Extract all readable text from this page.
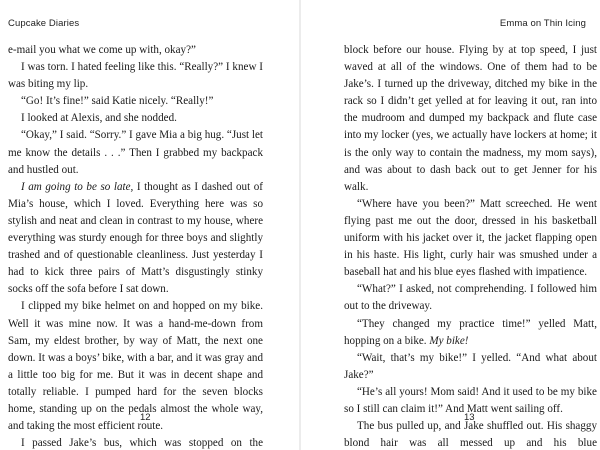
Cupcake Diaries

e-mail you what we come up with, okay?”

I was torn. I hated feeling like this. “Really?” I knew I was biting my lip.

“Go! It’s fine!” said Katie nicely. “Really!”

I looked at Alexis, and she nodded.

“Okay,” I said. “Sorry.” I gave Mia a big hug. “Just let me know the details . . .” Then I grabbed my backpack and hustled out.

I am going to be so late, I thought as I dashed out of Mia’s house, which I loved. Everything here was so stylish and neat and clean in contrast to my house, where everything was sturdy enough for three boys and slightly trashed and of questionable cleanliness. Just yesterday I had to kick three pairs of Matt’s disgustingly stinky socks off the sofa before I sat down.

I clipped my bike helmet on and hopped on my bike. Well it was mine now. It was a hand-me-down from Sam, my eldest brother, by way of Matt, the next one down. It was a boys’ bike, with a bar, and it was gray and a little too big for me. But it was in decent shape and totally reliable. I pumped hard for the seven blocks home, standing up on the pedals almost the whole way, and taking the most efficient route.

I passed Jake’s bus, which was stopped on the

12
Emma on Thin Icing

block before our house. Flying by at top speed, I just waved at all of the windows. One of them had to be Jake’s. I turned up the driveway, ditched my bike in the rack so I didn’t get yelled at for leaving it out, ran into the mudroom and dumped my backpack and flute case into my locker (yes, we actually have lockers at home; it is the only way to contain the madness, my mom says), and was about to dash back out to get Jenner for his walk.

“Where have you been?” Matt screeched. He went flying past me out the door, dressed in his basketball uniform with his jacket over it, the jacket flapping open in his haste. His light, curly hair was smushed under a baseball hat and his blue eyes flashed with impatience.

“What?” I asked, not comprehending. I followed him out to the driveway.

“They changed my practice time!” yelled Matt, hopping on a bike. My bike!

“Wait, that’s my bike!” I yelled. “And what about Jake?”

“He’s all yours! Mom said! And it used to be my bike so I still can claim it!” And Matt went sailing off.

The bus pulled up, and Jake shuffled out. His shaggy blond hair was all messed up and his blue

13
